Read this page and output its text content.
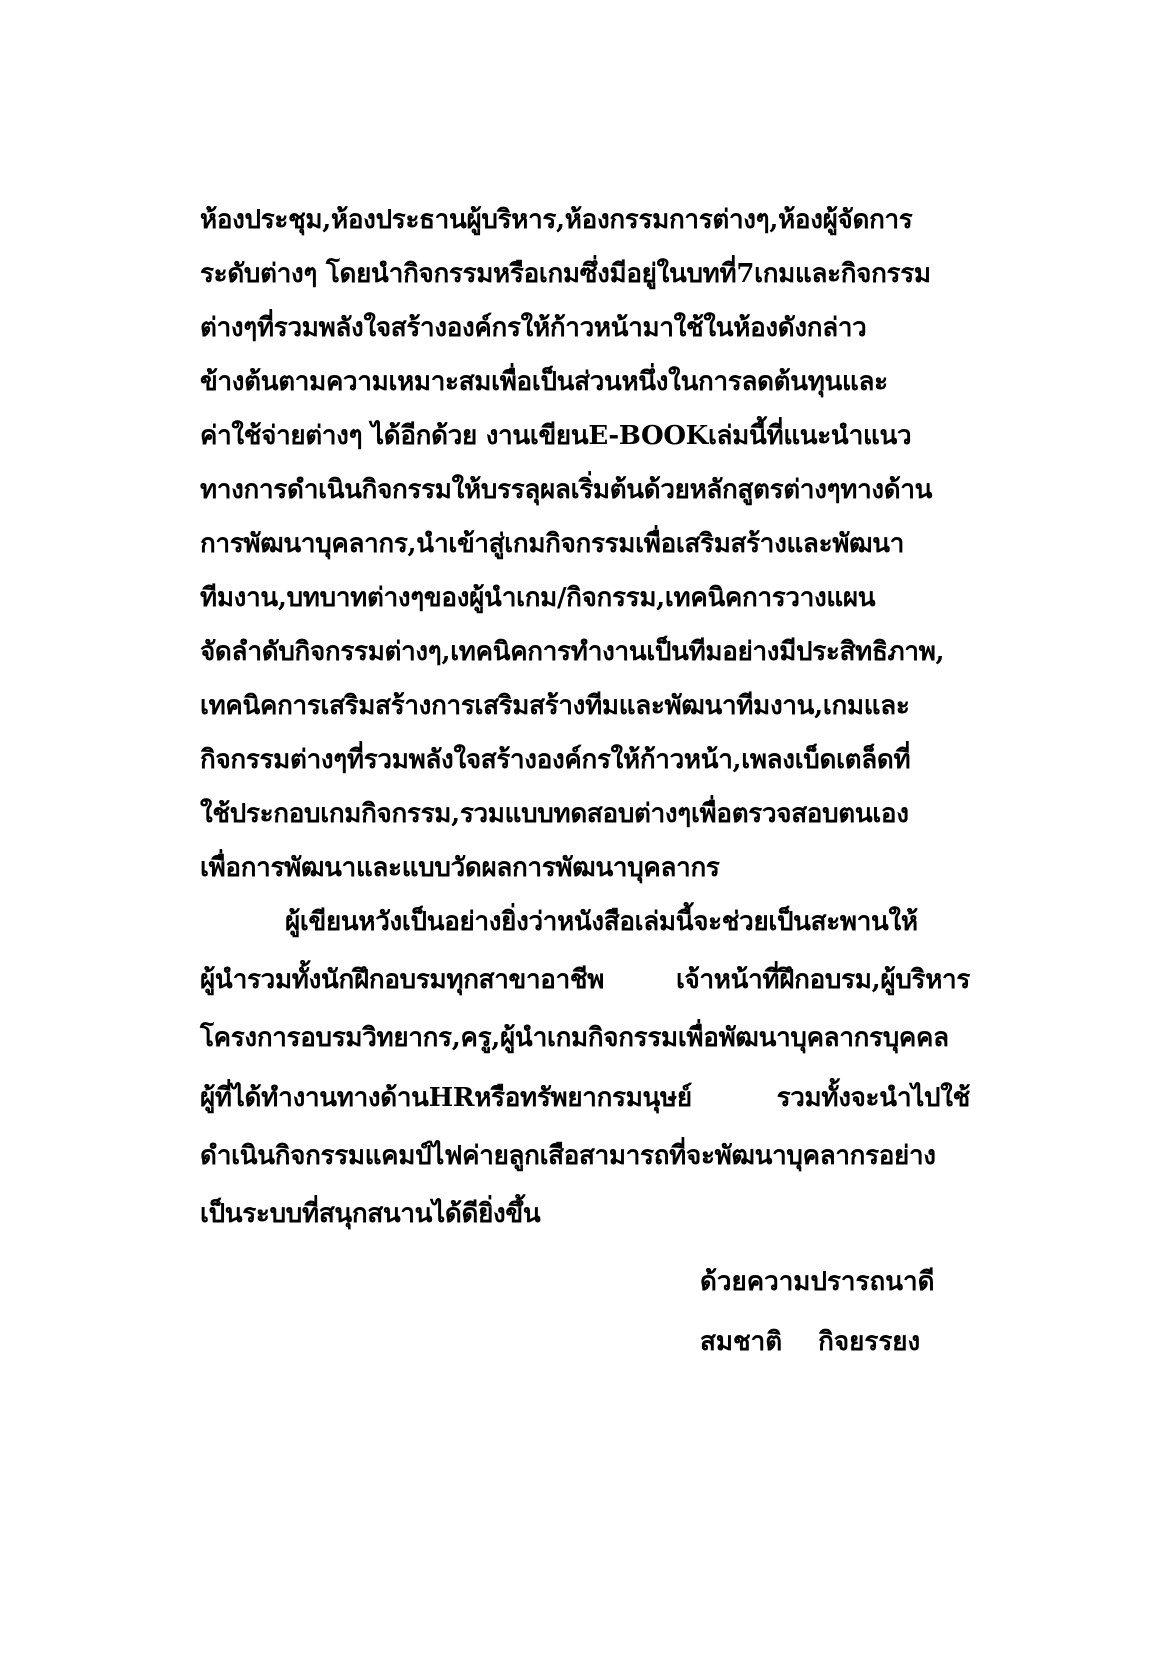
ห้องประชุม,ห้องประธานผู้บริหาร,ห้องกรรมการต่างๆ,ห้องผู้จัดการ
ระดับต่างๆ โดยนำกิจกรรมหรือเกมซึ่งมีอยู่ในบทที่7เกมและกิจกรรม
ต่างๆที่รวมพลังใจสร้างองค์กรให้ก้าวหน้ามาใช้ในห้องดังกล่าว
ข้างต้นตามความเหมาะสมเพื่อเป็นส่วนหนึ่งในการลดต้นทุนและ
ค่าใช้จ่ายต่างๆ ได้อีกด้วย งานเขียนE-BOOKเล่มนี้ที่แนะนำแนว
ทางการดำเนินกิจกรรมให้บรรลุผลเริ่มต้นด้วยหลักสูตรต่างๆทางด้าน
การพัฒนาบุคลากร,นำเข้าสู่เกมกิจกรรมเพื่อเสริมสร้างและพัฒนา
ทีมงาน,บทบาทต่างๆของผู้นำเกม/กิจกรรม,เทคนิคการวางแผน
จัดลำดับกิจกรรมต่างๆ,เทคนิคการทำงานเป็นทีมอย่างมีประสิทธิภาพ,
เทคนิคการเสริมสร้างการเสริมสร้างทีมและพัฒนาทีมงาน,เกมและ
กิจกรรมต่างๆที่รวมพลังใจสร้างองค์กรให้ก้าวหน้า,เพลงเบ็ดเตล็ดที่
ใช้ประกอบเกมกิจกรรม,รวมแบบทดสอบต่างๆเพื่อตรวจสอบตนเอง
เพื่อการพัฒนาและแบบวัดผลการพัฒนาบุคลากร
ผู้เขียนหวังเป็นอย่างยิ่งว่าหนังสือเล่มนี้จะช่วยเป็นสะพานให้
ผู้นำรวมทั้งนักฝึกอบรมทุกสาขาอาชีพ	เจ้าหน้าที่ฝึกอบรม,ผู้บริหาร
โครงการอบรมวิทยากร,ครู,ผู้นำเกมกิจกรรมเพื่อพัฒนาบุคลากรบุคคล
ผู้ที่ได้ทำงานทางด้านHRหรือทรัพยากรมนุษย์	รวมทั้งจะนำไปใช้
ดำเนินกิจกรรมแคมป์ไฟค่ายลูกเสือสามารถที่จะพัฒนาบุคลากรอย่าง
เป็นระบบที่สนุกสนานได้ดียิ่งขึ้น
ด้วยความปรารถนาดี
สมชาติ กิจยรรยง
